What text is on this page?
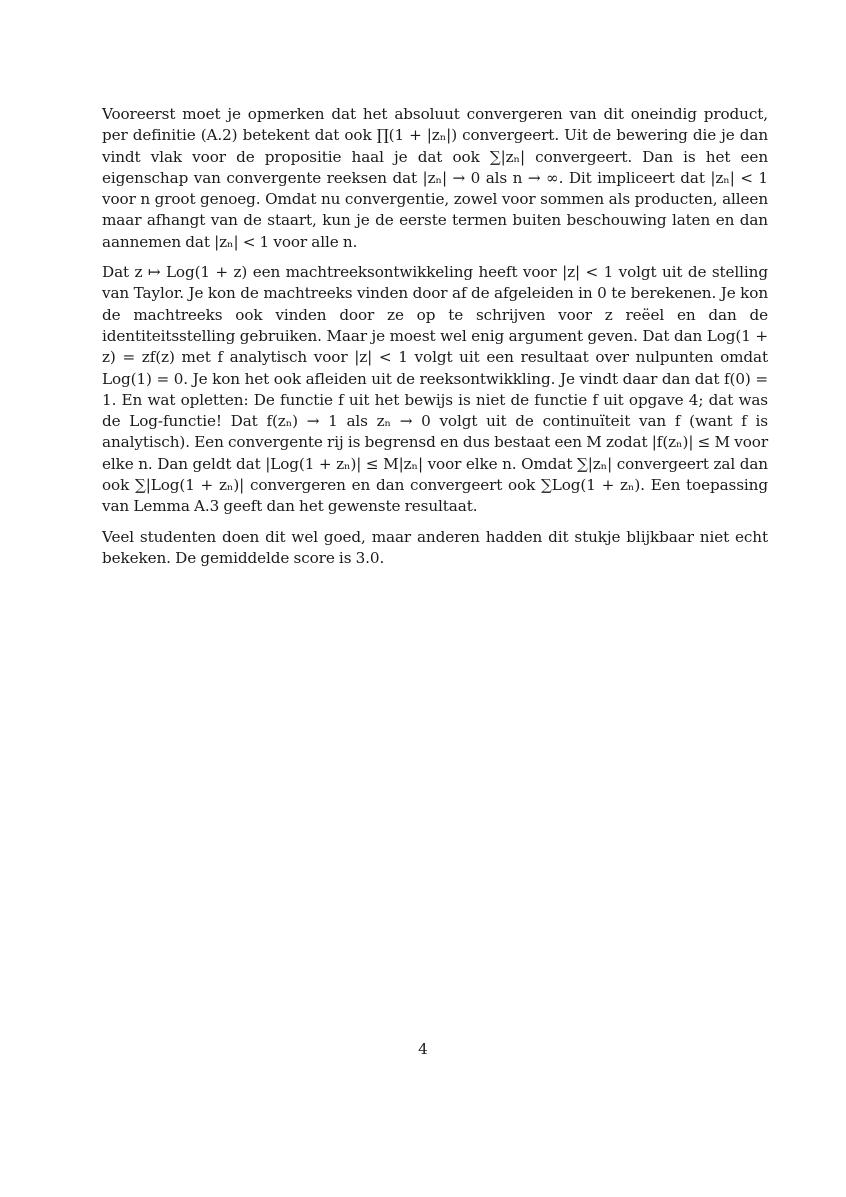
Vooreerst moet je opmerken dat het absoluut convergeren van dit oneindig product, per definitie (A.2) betekent dat ook ∏(1 + |zₙ|) convergeert. Uit de bewering die je dan vindt vlak voor de propositie haal je dat ook ∑|zₙ| convergeert. Dan is het een eigenschap van convergente reeksen dat |zₙ| → 0 als n → ∞. Dit impliceert dat |zₙ| < 1 voor n groot genoeg. Omdat nu convergentie, zowel voor sommen als producten, alleen maar afhangt van de staart, kun je de eerste termen buiten beschouwing laten en dan aannemen dat |zₙ| < 1 voor alle n.

Dat z ↦ Log(1 + z) een machtreeksontwikkeling heeft voor |z| < 1 volgt uit de stelling van Taylor. Je kon de machtreeks vinden door af de afgeleiden in 0 te berekenen. Je kon de machtreeks ook vinden door ze op te schrijven voor z reëel en dan de identiteitsstelling gebruiken. Maar je moest wel enig argument geven. Dat dan Log(1 + z) = zf(z) met f analytisch voor |z| < 1 volgt uit een resultaat over nulpunten omdat Log(1) = 0. Je kon het ook afleiden uit de reeksontwikkling. Je vindt daar dan dat f(0) = 1. En wat opletten: De functie f uit het bewijs is niet de functie f uit opgave 4; dat was de Log-functie! Dat f(zₙ) → 1 als zₙ → 0 volgt uit de continuïteit van f (want f is analytisch). Een convergente rij is begrensd en dus bestaat een M zodat |f(zₙ)| ≤ M voor elke n. Dan geldt dat |Log(1 + zₙ)| ≤ M|zₙ| voor elke n. Omdat ∑|zₙ| convergeert zal dan ook ∑|Log(1 + zₙ)| convergeren en dan convergeert ook ∑Log(1 + zₙ). Een toepassing van Lemma A.3 geeft dan het gewenste resultaat.

Veel studenten doen dit wel goed, maar anderen hadden dit stukje blijkbaar niet echt bekeken. De gemiddelde score is 3.0.

4
